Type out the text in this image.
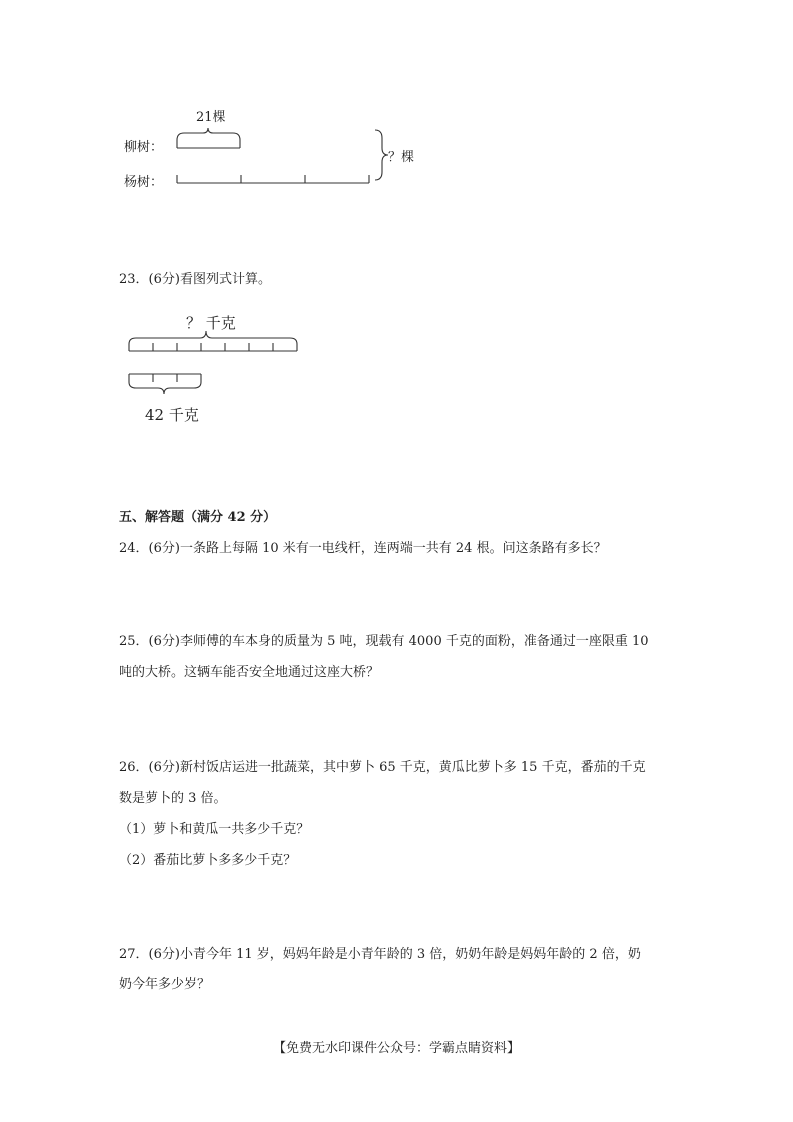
21棵
柳树：
杨树：
？棵
23．(6分)看图列式计算。
？ 千克
42 千克
五、解答题（满分 42 分）
24．(6分)一条路上每隔 10 米有一电线杆，连两端一共有 24 根。问这条路有多长？
25．(6分)李师傅的车本身的质量为 5 吨，现载有 4000 千克的面粉，准备通过一座限重 10
吨的大桥。这辆车能否安全地通过这座大桥？
26．(6分)新村饭店运进一批蔬菜，其中萝卜 65 千克，黄瓜比萝卜多 15 千克，番茄的千克
数是萝卜的 3 倍。
（1）萝卜和黄瓜一共多少千克？
（2）番茄比萝卜多多少千克？
27．(6分)小青今年 11 岁，妈妈年龄是小青年龄的 3 倍，奶奶年龄是妈妈年龄的 2 倍，奶
奶今年多少岁？
【免费无水印课件公众号：学霸点睛资料】
